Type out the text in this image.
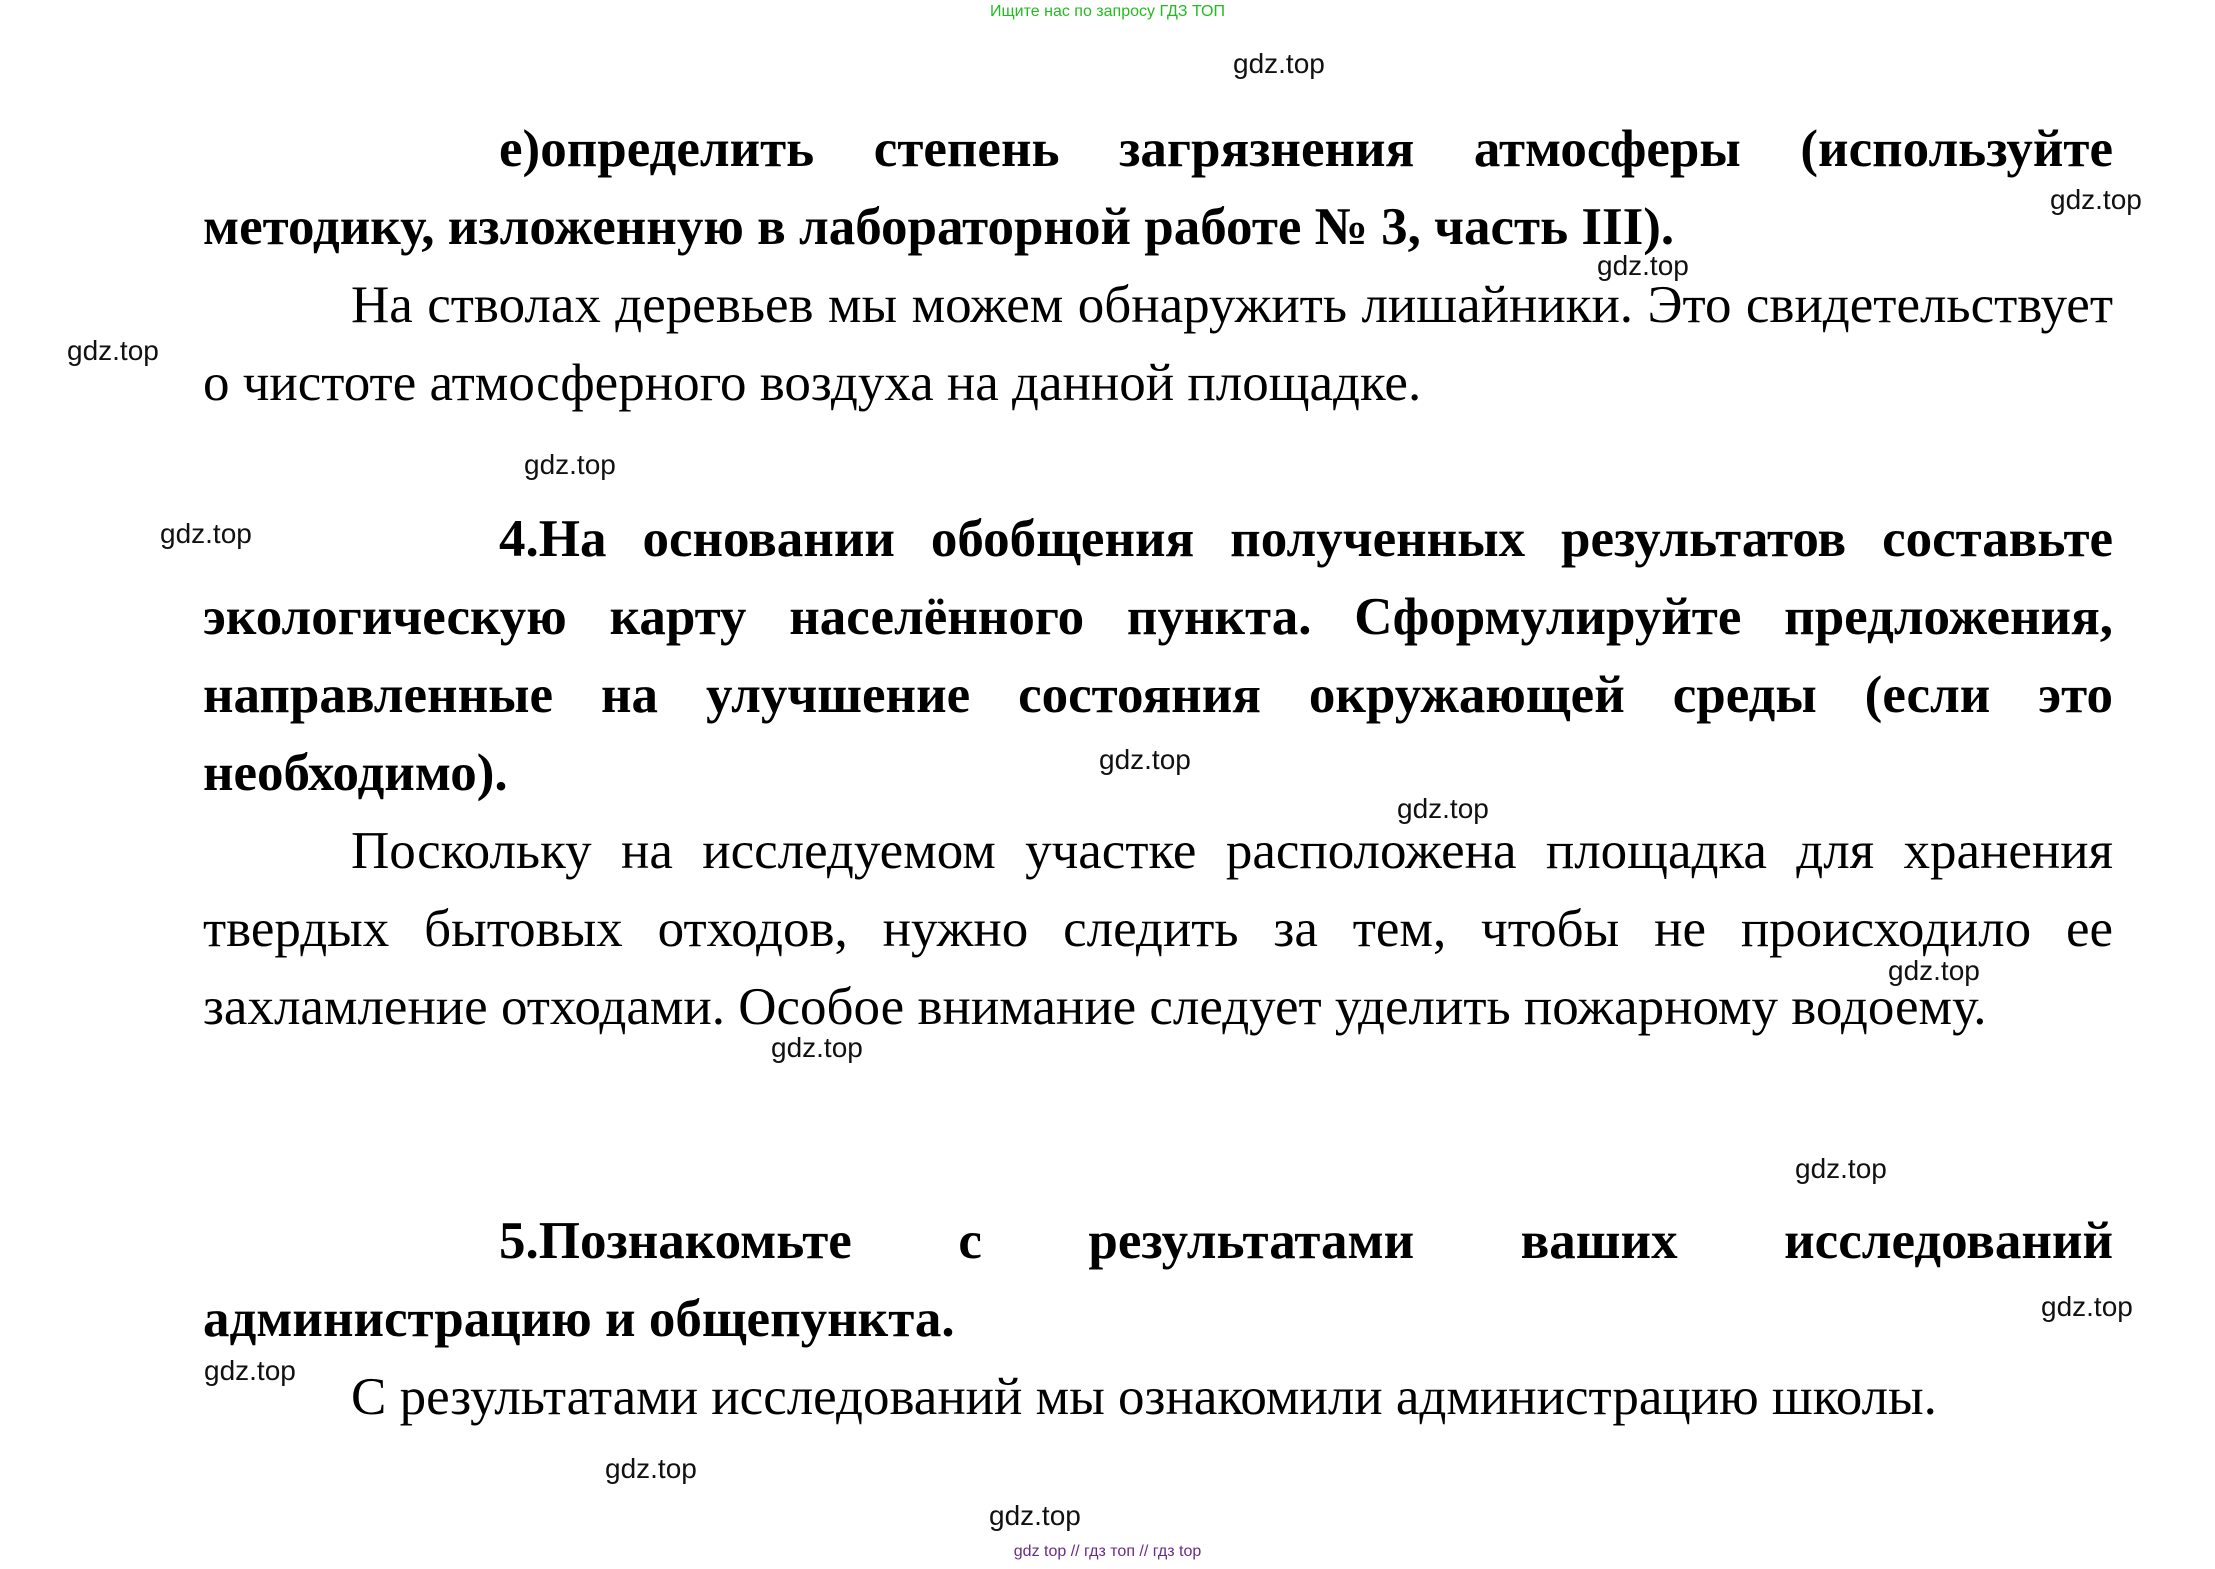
Ищите нас по запросу ГДЗ ТОП
gdz.top
gdz.top
gdz.top
gdz.top
gdz.top
gdz.top
gdz.top
gdz.top
gdz.top
gdz.top
gdz.top
gdz.top
gdz.top
gdz.top
gdz.top

е)определить степень загрязнения атмосферы (используйте методику, изложенную в лабораторной работе № 3, часть III).

На стволах деревьев мы можем обнаружить лишайники. Это свидетельствует о чистоте атмосферного воздуха на данной площадке.

4.На основании обобщения полученных результатов составьте экологическую карту населённого пункта. Сформулируйте предложения, направленные на улучшение состояния окружающей среды (если это необходимо).

Поскольку на исследуемом участке расположена площадка для хранения твердых бытовых отходов, нужно следить за тем, чтобы не происходило ее захламление отходами. Особое внимание следует уделить пожарному водоему.

5.Познакомьте с результатами ваших исследований администрацию и общепункта.

С результатами исследований мы ознакомили администрацию школы.

gdz top // гдз топ // гдз top
